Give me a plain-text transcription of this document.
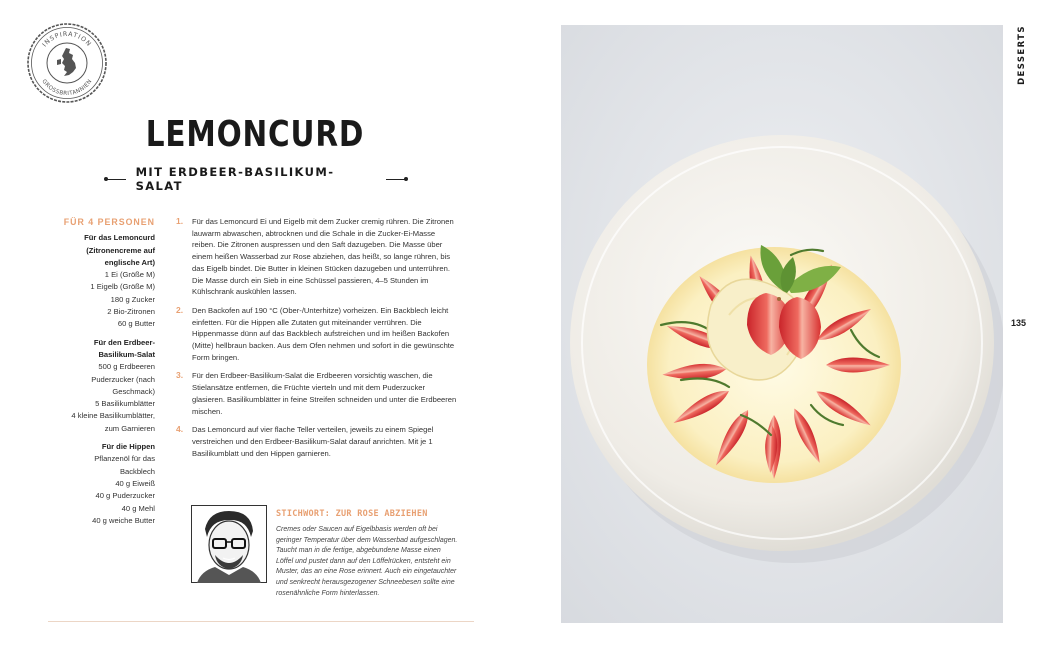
INSPIRATION
GROSSBRITANNIEN
LEMONCURD
MIT ERDBEER-BASILIKUM-SALAT
FÜR 4 PERSONEN
Für das Lemoncurd (Zitronencreme auf englische Art)
1 Ei (Größe M)
1 Eigelb (Größe M)
180 g Zucker
2 Bio-Zitronen
60 g Butter
Für den Erdbeer-Basilikum-Salat
500 g Erdbeeren
Puderzucker (nach Geschmack)
5 Basilikumblätter
4 kleine Basilikumblätter, zum Garnieren
Für die Hippen
Pflanzenöl für das Backblech
40 g Eiweiß
40 g Puderzucker
40 g Mehl
40 g weiche Butter
1.	Für das Lemoncurd Ei und Eigelb mit dem Zucker cremig rühren. Die Zitronen lauwarm abwaschen, abtrocknen und die Schale in die Zucker-Ei-Masse reiben. Die Zitronen auspressen und den Saft dazugeben. Die Masse über einem heißen Wasserbad zur Rose abziehen, das heißt, so lange rühren, bis das Eigelb bindet. Die Butter in kleinen Stücken dazugeben und unterrühren. Die Masse durch ein Sieb in eine Schüssel passieren, 4–5 Stunden im Kühlschrank auskühlen lassen.
2.	Den Backofen auf 190 °C (Ober-/Unterhitze) vorheizen. Ein Backblech leicht einfetten. Für die Hippen alle Zutaten gut miteinander verrühren. Die Hippenmasse dünn auf das Backblech aufstreichen und im heißen Backofen (Mitte) hellbraun backen. Aus dem Ofen nehmen und sofort in die gewünschte Form bringen.
3.	Für den Erdbeer-Basilikum-Salat die Erdbeeren vorsichtig waschen, die Stielansätze entfernen, die Früchte vierteln und mit dem Puderzucker glasieren. Basilikumblätter in feine Streifen schneiden und unter die Erdbeeren mischen.
4.	Das Lemoncurd auf vier flache Teller verteilen, jeweils zu einem Spiegel verstreichen und den Erdbeer-Basilikum-Salat darauf anrichten. Mit je 1 Basilikumblatt und den Hippen garnieren.
STICHWORT: ZUR ROSE ABZIEHEN
Cremes oder Saucen auf Eigelbbasis werden oft bei geringer Temperatur über dem Wasserbad aufgeschlagen. Taucht man in die fertige, abgebundene Masse einen Löffel und pustet dann auf den Löffelrücken, entsteht ein Muster, das an eine Rose erinnert. Auch ein eingetauchter und senkrecht herausgezogener Schneebesen sollte eine rosenähnliche Form hinterlassen.
DESSERTS
135
